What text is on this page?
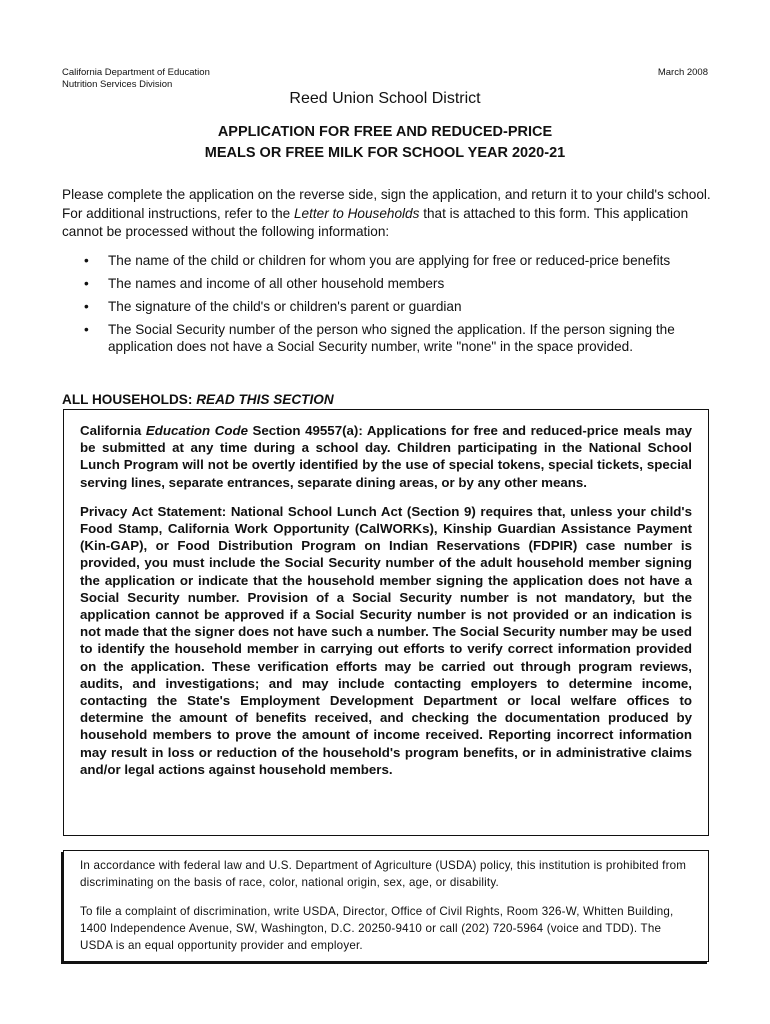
California Department of Education
Nutrition Services Division
March 2008
Reed Union School District
APPLICATION FOR FREE AND REDUCED-PRICE
MEALS OR FREE MILK FOR SCHOOL YEAR 2020-21
Please complete the application on the reverse side, sign the application, and return it to your child's school. For additional instructions, refer to the Letter to Households that is attached to this form. This application cannot be processed without the following information:
• The name of the child or children for whom you are applying for free or reduced-price benefits
• The names and income of all other household members
• The signature of the child's or children's parent or guardian
• The Social Security number of the person who signed the application. If the person signing the application does not have a Social Security number, write "none" in the space provided.
ALL HOUSEHOLDS: READ THIS SECTION

California Education Code Section 49557(a): Applications for free and reduced-price meals may be submitted at any time during a school day. Children participating in the National School Lunch Program will not be overtly identified by the use of special tokens, special tickets, special serving lines, separate entrances, separate dining areas, or by any other means.

Privacy Act Statement: National School Lunch Act (Section 9) requires that, unless your child's Food Stamp, California Work Opportunity (CalWORKs), Kinship Guardian Assistance Payment (Kin-GAP), or Food Distribution Program on Indian Reservations (FDPIR) case number is provided, you must include the Social Security number of the adult household member signing the application or indicate that the household member signing the application does not have a Social Security number. Provision of a Social Security number is not mandatory, but the application cannot be approved if a Social Security number is not provided or an indication is not made that the signer does not have such a number. The Social Security number may be used to identify the household member in carrying out efforts to verify correct information provided on the application. These verification efforts may be carried out through program reviews, audits, and investigations; and may include contacting employers to determine income, contacting the State's Employment Development Department or local welfare offices to determine the amount of benefits received, and checking the documentation produced by household members to prove the amount of income received. Reporting incorrect information may result in loss or reduction of the household's program benefits, or in administrative claims and/or legal actions against household members.

In accordance with federal law and U.S. Department of Agriculture (USDA) policy, this institution is prohibited from discriminating on the basis of race, color, national origin, sex, age, or disability.

To file a complaint of discrimination, write USDA, Director, Office of Civil Rights, Room 326-W, Whitten Building, 1400 Independence Avenue, SW, Washington, D.C. 20250-9410 or call (202) 720-5964 (voice and TDD). The USDA is an equal opportunity provider and employer.
